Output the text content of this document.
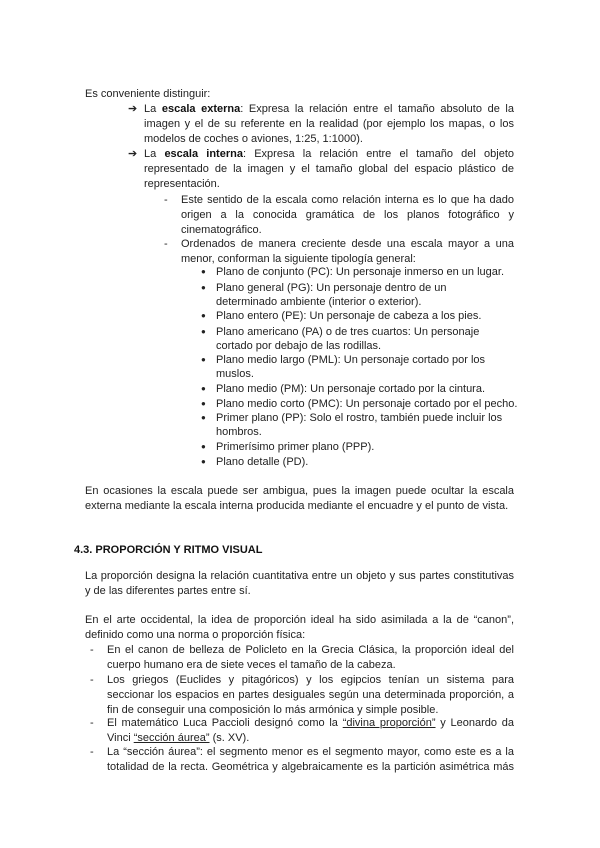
Es conveniente distinguir:
➔ La escala externa: Expresa la relación entre el tamaño absoluto de la
imagen y el de su referente en la realidad (por ejemplo los mapas, o los
modelos de coches o aviones, 1:25, 1:1000).
➔ La escala interna: Expresa la relación entre el tamaño del objeto
representado de la imagen y el tamaño global del espacio plástico de
representación.
- Este sentido de la escala como relación interna es lo que ha dado
origen a la conocida gramática de los planos fotográfico y
cinematográfico.
- Ordenados de manera creciente desde una escala mayor a una
menor, conforman la siguiente tipología general:
● Plano de conjunto (PC): Un personaje inmerso en un lugar.
● Plano general (PG): Un personaje dentro de un
determinado ambiente (interior o exterior).
● Plano entero (PE): Un personaje de cabeza a los pies.
● Plano americano (PA) o de tres cuartos: Un personaje
cortado por debajo de las rodillas.
● Plano medio largo (PML): Un personaje cortado por los
muslos.
● Plano medio (PM): Un personaje cortado por la cintura.
● Plano medio corto (PMC): Un personaje cortado por el pecho.
● Primer plano (PP): Solo el rostro, también puede incluir los
hombros.
● Primerísimo primer plano (PPP).
● Plano detalle (PD).
En ocasiones la escala puede ser ambigua, pues la imagen puede ocultar la escala
externa mediante la escala interna producida mediante el encuadre y el punto de vista.
4.3. PROPORCIÓN Y RITMO VISUAL
La proporción designa la relación cuantitativa entre un objeto y sus partes constitutivas
y de las diferentes partes entre sí.
En el arte occidental, la idea de proporción ideal ha sido asimilada a la de “canon”,
definido como una norma o proporción física:
- En el canon de belleza de Policleto en la Grecia Clásica, la proporción ideal del
cuerpo humano era de siete veces el tamaño de la cabeza.
- Los griegos (Euclides y pitagóricos) y los egipcios tenían un sistema para
seccionar los espacios en partes desiguales según una determinada proporción, a
fin de conseguir una composición lo más armónica y simple posible.
- El matemático Luca Paccioli designó como la “divina proporción” y Leonardo da
Vinci “sección áurea” (s. XV).
- La “sección áurea”: el segmento menor es el segmento mayor, como este es a la
totalidad de la recta. Geométrica y algebraicamente es la partición asimétrica más
